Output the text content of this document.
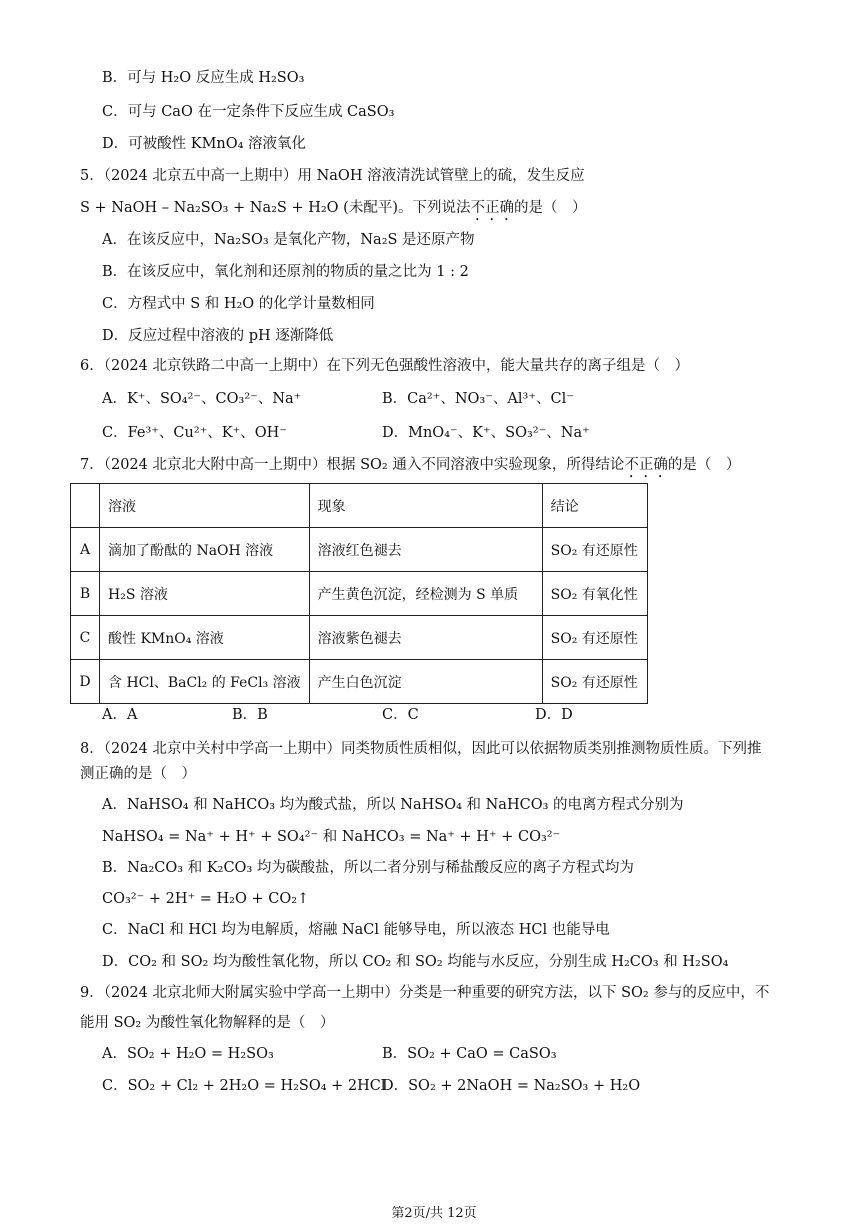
B．可与 H₂O 反应生成 H₂SO₃
C．可与 CaO 在一定条件下反应生成 CaSO₃
D．可被酸性 KMnO₄ 溶液氧化
5．（2024 北京五中高一上期中）用 NaOH 溶液清洗试管壁上的硫，发生反应
S + NaOH – Na₂SO₃ + Na₂S + H₂O (未配平)。下列说法不正确的是（　）
A．在该反应中，Na₂SO₃ 是氧化产物，Na₂S 是还原产物
B．在该反应中，氧化剂和还原剂的物质的量之比为 1 : 2
C．方程式中 S 和 H₂O 的化学计量数相同
D．反应过程中溶液的 pH 逐渐降低
6．（2024 北京铁路二中高一上期中）在下列无色强酸性溶液中，能大量共存的离子组是（　）
A．K⁺、SO₄²⁻、CO₃²⁻、Na⁺	B．Ca²⁺、NO₃⁻、Al³⁺、Cl⁻
C．Fe³⁺、Cu²⁺、K⁺、OH⁻	D．MnO₄⁻、K⁺、SO₃²⁻、Na⁺
7．（2024 北京北大附中高一上期中）根据 SO₂ 通入不同溶液中实验现象，所得结论不正确的是（　）
	溶液	现象	结论
A	滴加了酚酞的 NaOH 溶液	溶液红色褪去	SO₂ 有还原性
B	H₂S 溶液	产生黄色沉淀，经检测为 S 单质	SO₂ 有氧化性
C	酸性 KMnO₄ 溶液	溶液紫色褪去	SO₂ 有还原性
D	含 HCl、BaCl₂ 的 FeCl₃ 溶液	产生白色沉淀	SO₂ 有还原性
A．A	B．B	C．C	D．D
8．（2024 北京中关村中学高一上期中）同类物质性质相似，因此可以依据物质类别推测物质性质。下列推
测正确的是（　）
A．NaHSO₄ 和 NaHCO₃ 均为酸式盐，所以 NaHSO₄ 和 NaHCO₃ 的电离方程式分别为
NaHSO₄ = Na⁺ + H⁺ + SO₄²⁻ 和 NaHCO₃ = Na⁺ + H⁺ + CO₃²⁻
B．Na₂CO₃ 和 K₂CO₃ 均为碳酸盐，所以二者分别与稀盐酸反应的离子方程式均为
CO₃²⁻ + 2H⁺ = H₂O + CO₂↑
C．NaCl 和 HCl 均为电解质，熔融 NaCl 能够导电，所以液态 HCl 也能导电
D．CO₂ 和 SO₂ 均为酸性氧化物，所以 CO₂ 和 SO₂ 均能与水反应，分别生成 H₂CO₃ 和 H₂SO₄
9．（2024 北京北师大附属实验中学高一上期中）分类是一种重要的研究方法，以下 SO₂ 参与的反应中，不
能用 SO₂ 为酸性氧化物解释的是（　）
A．SO₂ + H₂O = H₂SO₃	B．SO₂ + CaO = CaSO₃
C．SO₂ + Cl₂ + 2H₂O = H₂SO₄ + 2HCl
D．SO₂ + 2NaOH = Na₂SO₃ + H₂O
第2页/共 12页
